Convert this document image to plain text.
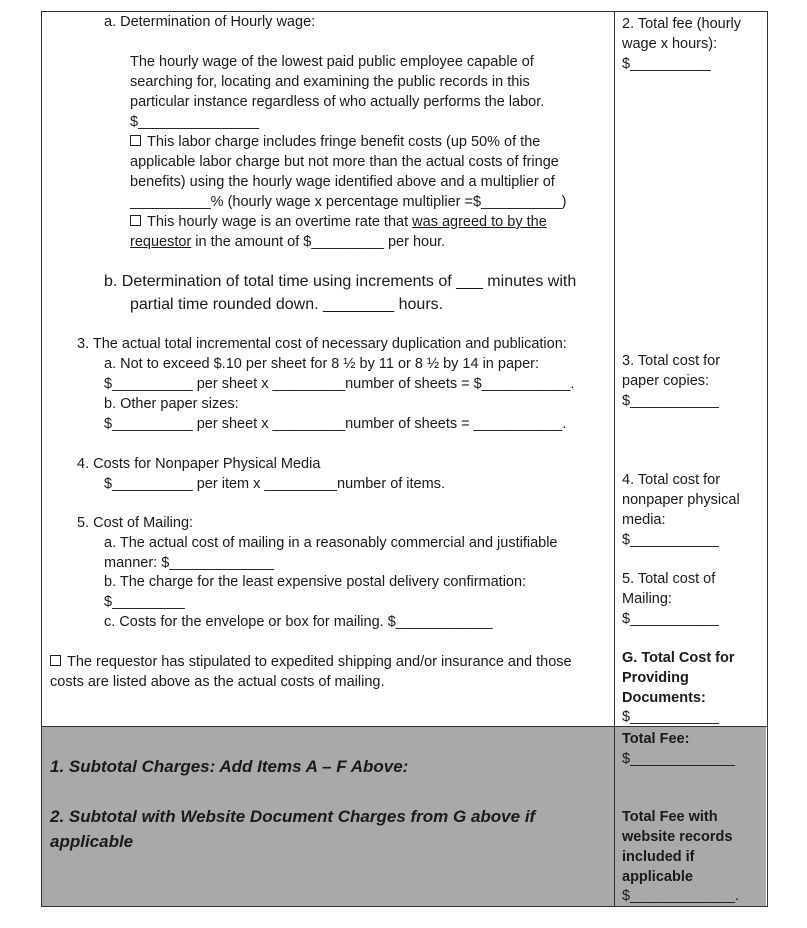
a. Determination of Hourly wage:
The hourly wage of the lowest paid public employee capable of
searching for, locating and examining the public records in this
particular instance regardless of who actually performs the labor.
$_______________
This labor charge includes fringe benefit costs (up 50% of the
applicable labor charge but not more than the actual costs of fringe
benefits) using the hourly wage identified above and a multiplier of
__________% (hourly wage x percentage multiplier =$__________)
This hourly wage is an overtime rate that was agreed to by the
requestor in the amount of $_________ per hour.
b. Determination of total time using increments of ___ minutes with
partial time rounded down. ________ hours.
3. The actual total incremental cost of necessary duplication and publication:
a. Not to exceed $.10 per sheet for 8 ½ by 11 or 8 ½ by 14 in paper:
$__________ per sheet x _________number of sheets = $___________.
b. Other paper sizes:
$__________ per sheet x _________number of sheets = ___________.
4. Costs for Nonpaper Physical Media
$__________ per item x _________number of items.
5. Cost of Mailing:
a. The actual cost of mailing in a reasonably commercial and justifiable
manner: $_____________
b. The charge for the least expensive postal delivery confirmation:
$_________
c. Costs for the envelope or box for mailing. $____________
The requestor has stipulated to expedited shipping and/or insurance and those
costs are listed above as the actual costs of mailing.
1. Subtotal Charges: Add Items A – F Above:
2. Subtotal with Website Document Charges from G above if
applicable
2. Total fee (hourly
wage x hours):
$__________
3. Total cost for
paper copies:
$___________
4. Total cost for
nonpaper physical
media:
$___________
5. Total cost of
Mailing:
$___________
G. Total Cost for
Providing
Documents:
$___________
Total Fee:
$_____________
Total Fee with
website records
included if
applicable
$_____________.
